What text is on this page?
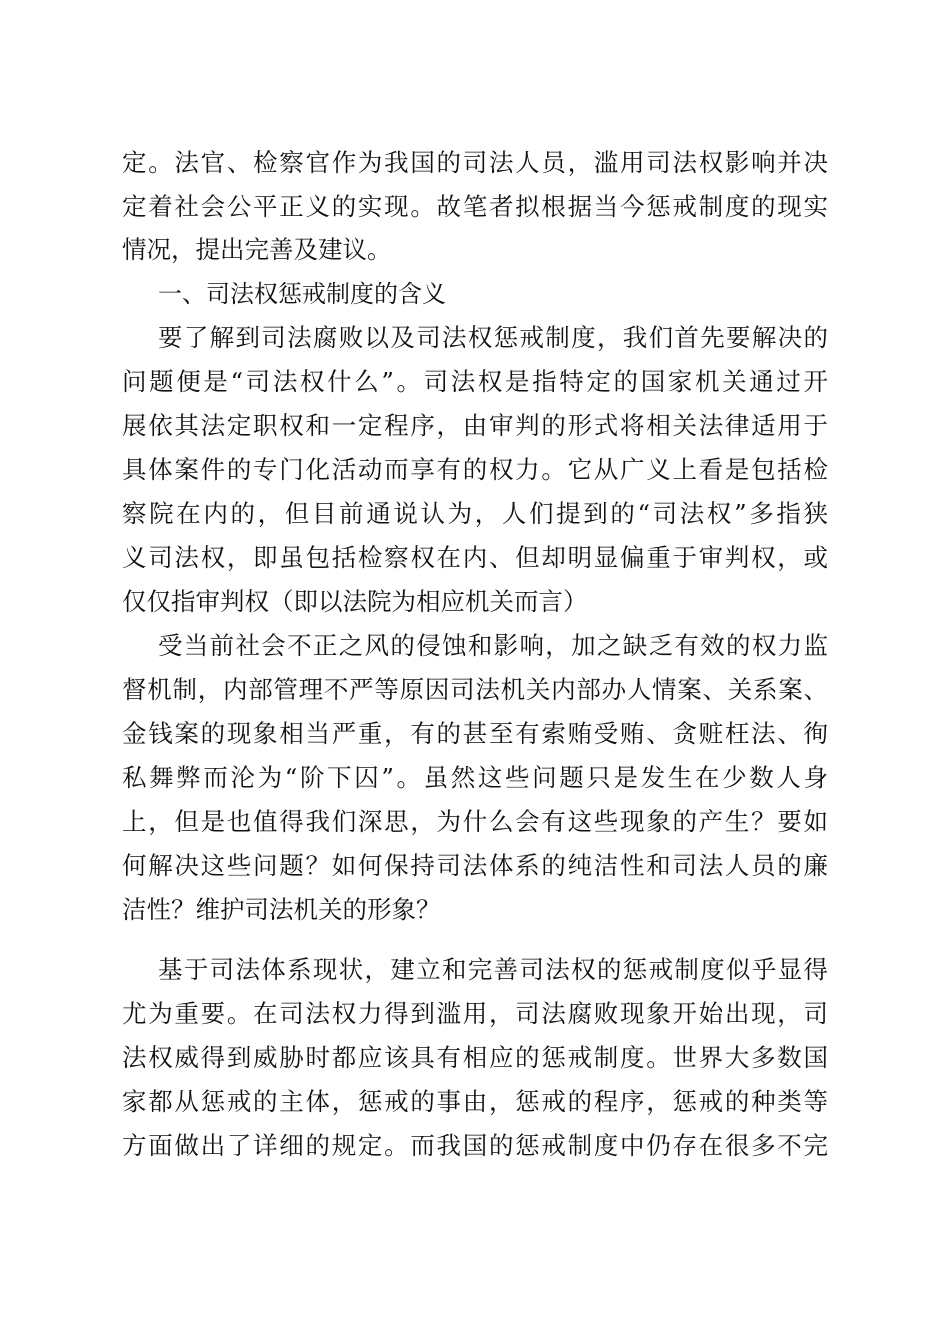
定。法官、检察官作为我国的司法人员，滥用司法权影响并决
定着社会公平正义的实现。故笔者拟根据当今惩戒制度的现实
情况，提出完善及建议。
一、司法权惩戒制度的含义
要了解到司法腐败以及司法权惩戒制度，我们首先要解决的
问题便是“司法权什么”。司法权是指特定的国家机关通过开
展依其法定职权和一定程序，由审判的形式将相关法律适用于
具体案件的专门化活动而享有的权力。它从广义上看是包括检
察院在内的，但目前通说认为，人们提到的“司法权”多指狭
义司法权，即虽包括检察权在内、但却明显偏重于审判权，或
仅仅指审判权（即以法院为相应机关而言）
受当前社会不正之风的侵蚀和影响，加之缺乏有效的权力监
督机制，内部管理不严等原因司法机关内部办人情案、关系案、
金钱案的现象相当严重，有的甚至有索贿受贿、贪赃枉法、徇
私舞弊而沦为“阶下囚”。虽然这些问题只是发生在少数人身
上，但是也值得我们深思，为什么会有这些现象的产生？要如
何解决这些问题？如何保持司法体系的纯洁性和司法人员的廉
洁性？维护司法机关的形象？
基于司法体系现状，建立和完善司法权的惩戒制度似乎显得
尤为重要。在司法权力得到滥用，司法腐败现象开始出现，司
法权威得到威胁时都应该具有相应的惩戒制度。世界大多数国
家都从惩戒的主体，惩戒的事由，惩戒的程序，惩戒的种类等
方面做出了详细的规定。而我国的惩戒制度中仍存在很多不完
